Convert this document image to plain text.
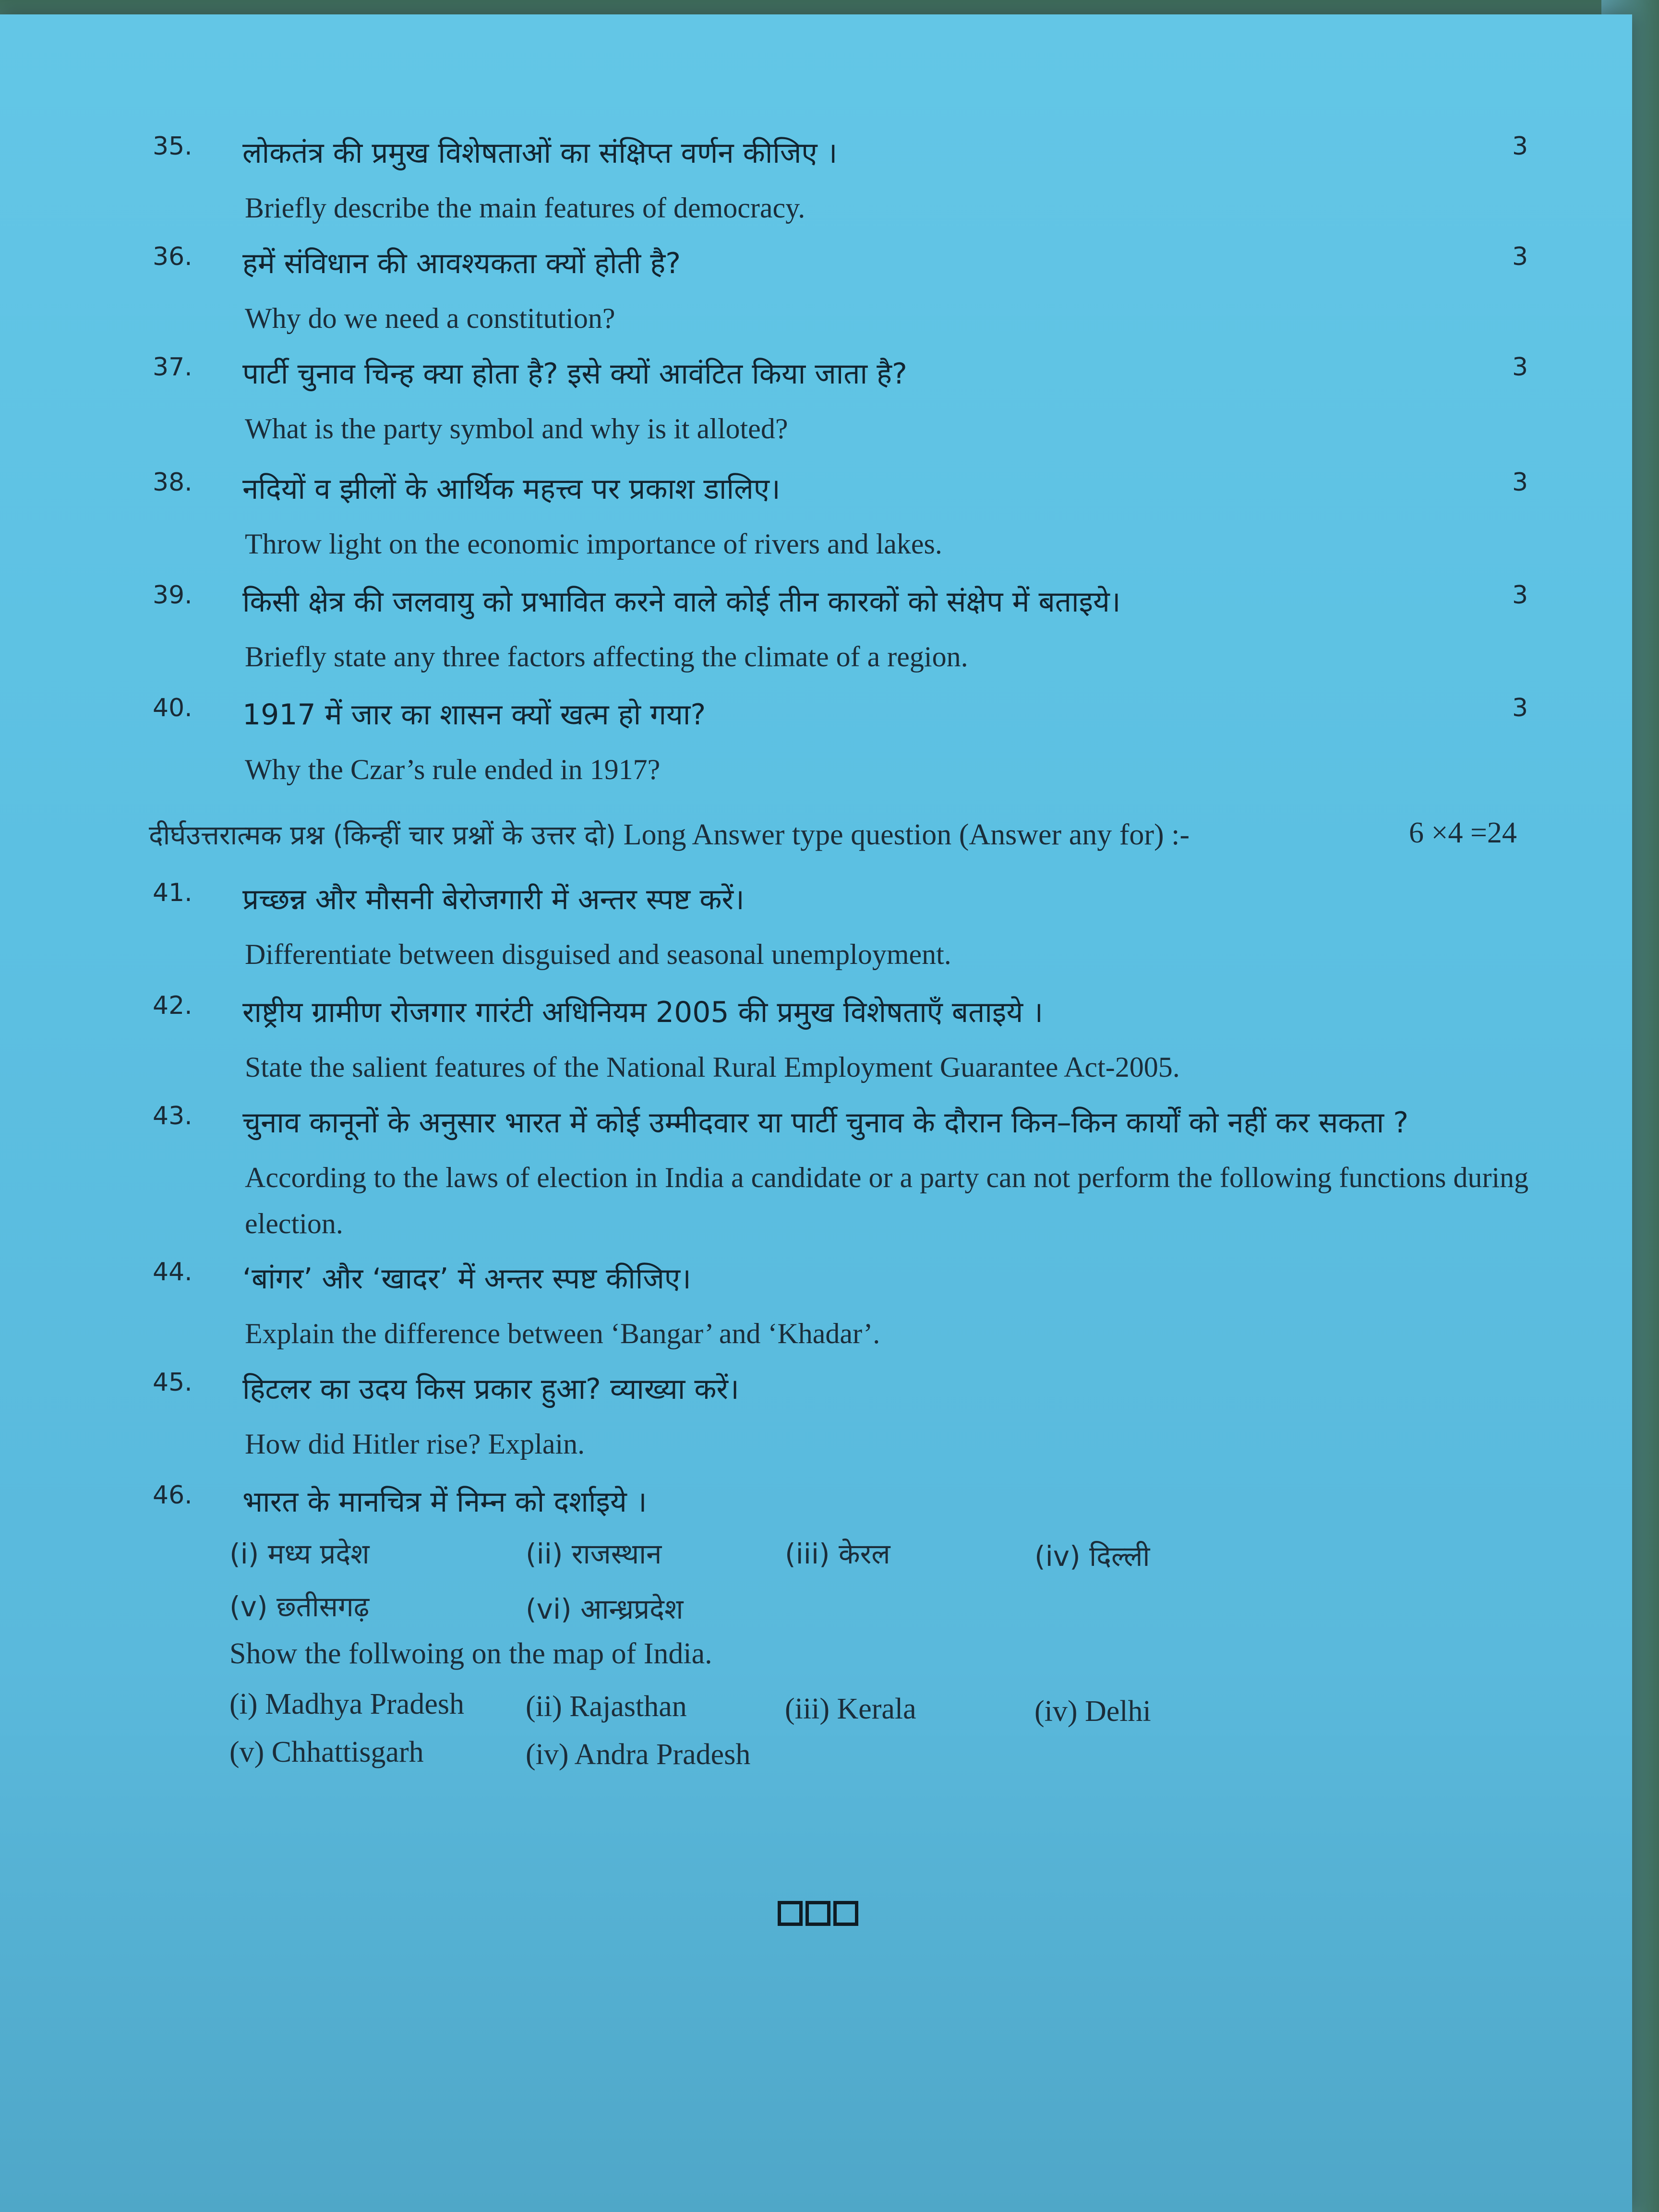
35. लोकतंत्र की प्रमुख विशेषताओं का संक्षिप्त वर्णन कीजिए ।
Briefly describe the main features of democracy.
3
36. हमें संविधान की आवश्यकता क्यों होती है?
Why do we need a constitution?
3
37. पार्टी चुनाव चिन्ह क्या होता है? इसे क्यों आवंटित किया जाता है?
What is the party symbol and why is it alloted?
3
38. नदियों व झीलों के आर्थिक महत्त्व पर प्रकाश डालिए।
Throw light on the economic importance of rivers and lakes.
3
39. किसी क्षेत्र की जलवायु को प्रभावित करने वाले कोई तीन कारकों को संक्षेप में बताइये।
Briefly state any three factors affecting the climate of a region.
3
40. 1917 में जार का शासन क्यों खत्म हो गया?
Why the Czar’s rule ended in 1917?
3
दीर्घउत्तरात्मक प्रश्न (किन्हीं चार प्रश्नों के उत्तर दो) Long Answer type question (Answer any for) :-	6 ×4 =24
41. प्रच्छन्न और मौसनी बेरोजगारी में अन्तर स्पष्ट करें।
Differentiate between disguised and seasonal unemployment.
42. राष्ट्रीय ग्रामीण रोजगार गारंटी अधिनियम 2005 की प्रमुख विशेषताएँ बताइये ।
State the salient features of the National Rural Employment Guarantee Act-2005.
43. चुनाव कानूनों के अनुसार भारत में कोई उम्मीदवार या पार्टी चुनाव के दौरान किन–किन कार्यों को नहीं कर सकता ?
According to the laws of election in India a candidate or a party can not perform the following functions during election.
44. ‘बांगर’ और ‘खादर’ में अन्तर स्पष्ट कीजिए।
Explain the difference between ‘Bangar’ and ‘Khadar’.
45. हिटलर का उदय किस प्रकार हुआ? व्याख्या करें।
How did Hitler rise? Explain.
46. भारत के मानचित्र में निम्न को दर्शाइये ।
(i) मध्य प्रदेश	(ii) राजस्थान	(iii) केरल	(iv) दिल्ली
(v) छ्तीसगढ़	(vi) आन्ध्रप्रदेश
Show the follwoing on the map of India.
(i) Madhya Pradesh (ii) Rajasthan	(iii) Kerala	(iv) Delhi
(v) Chhattisgarh	(iv) Andra Pradesh
